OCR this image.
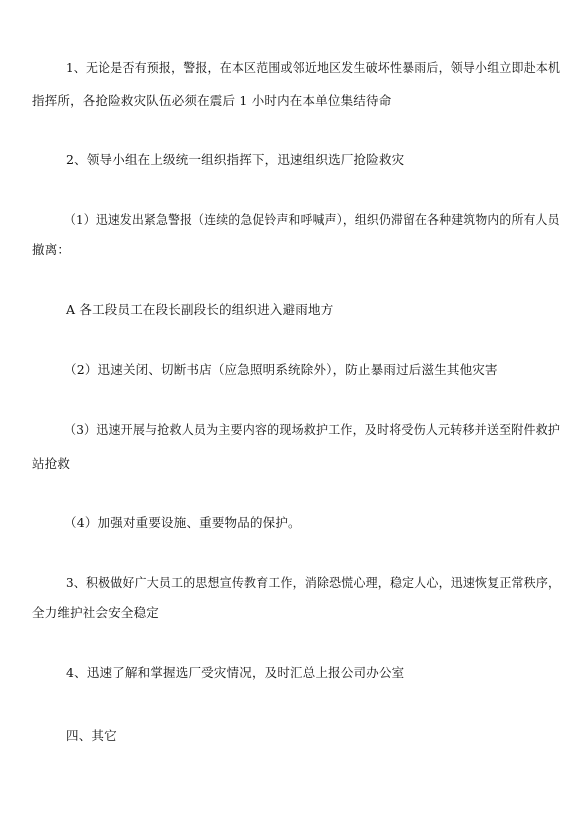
1、无论是否有预报，警报，在本区范围或邻近地区发生破坏性暴雨后，领导小组立即赴本机
指挥所，各抢险救灾队伍必须在震后 1 小时内在本单位集结待命
2、领导小组在上级统一组织指挥下，迅速组织选厂抢险救灾
（1）迅速发出紧急警报（连续的急促铃声和呼喊声），组织仍滞留在各种建筑物内的所有人员
撤离：
A 各工段员工在段长副段长的组织进入避雨地方
（2）迅速关闭、切断书店（应急照明系统除外），防止暴雨过后滋生其他灾害
（3）迅速开展与抢救人员为主要内容的现场救护工作，及时将受伤人元转移并送至附件救护
站抢救
（4）加强对重要设施、重要物品的保护。
3、积极做好广大员工的思想宣传教育工作，消除恐慌心理，稳定人心，迅速恢复正常秩序，
全力维护社会安全稳定
4、迅速了解和掌握选厂受灾情况，及时汇总上报公司办公室
四、其它
